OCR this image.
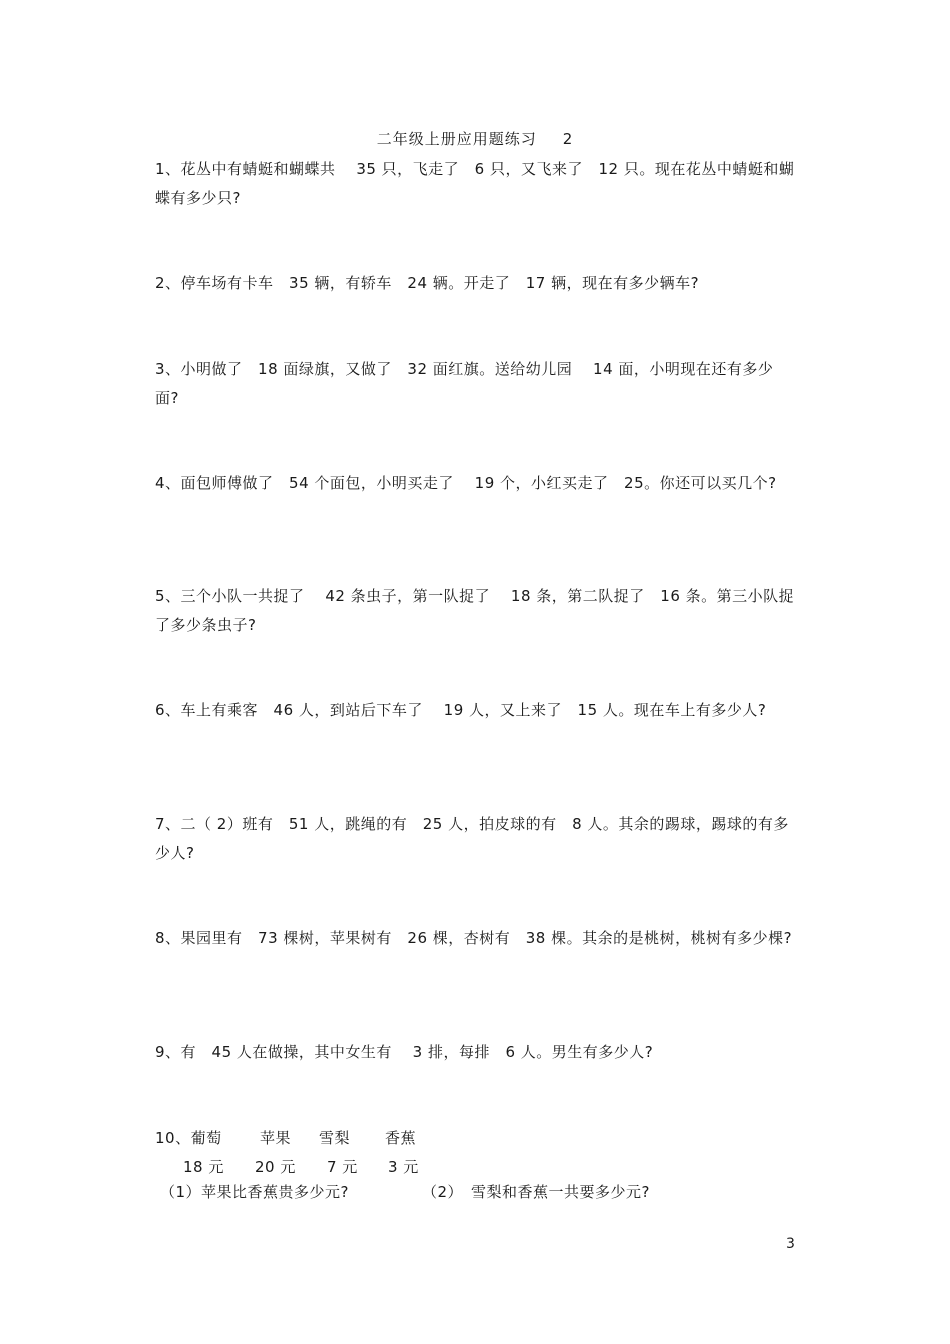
二年级上册应用题练习 2
1、花丛中有蜻蜓和蝴蝶共　 35 只，飞走了　6 只，又飞来了　12 只。现在花丛中蜻蜓和蝴蝶有多少只?
2、停车场有卡车　35 辆，有轿车　24 辆。开走了　17 辆，现在有多少辆车?
3、小明做了　18 面绿旗，又做了　32 面红旗。送给幼儿园　 14 面，小明现在还有多少面?
4、面包师傅做了　54 个面包，小明买走了　 19 个，小红买走了　25。你还可以买几个?
5、三个小队一共捉了　 42 条虫子，第一队捉了　 18 条，第二队捉了　16 条。第三小队捉了多少条虫子?
6、车上有乘客　46 人，到站后下车了　 19 人，又上来了　15 人。现在车上有多少人?
7、二（ 2）班有　51 人，跳绳的有　25 人，拍皮球的有　8 人。其余的踢球，踢球的有多少人?
8、果园里有　73 棵树，苹果树有　26 棵，杏树有　38 棵。其余的是桃树，桃树有多少棵?
9、有　45 人在做操，其中女生有　 3 排，每排　6 人。男生有多少人?
10、葡萄	苹果 雪梨 香蕉
18 元 20 元 7 元 3 元
（1）苹果比香蕉贵多少元?	（2）　雪梨和香蕉一共要多少元?
3
